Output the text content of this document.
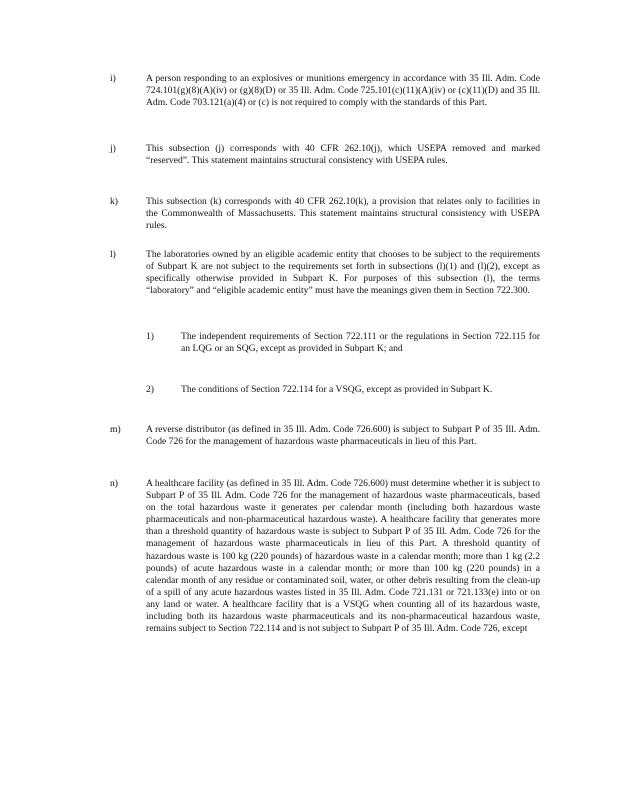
i)	A person responding to an explosives or munitions emergency in accordance with 35 Ill. Adm. Code 724.101(g)(8)(A)(iv) or (g)(8)(D) or 35 Ill. Adm. Code 725.101(c)(11)(A)(iv) or (c)(11)(D) and 35 Ill. Adm. Code 703.121(a)(4) or (c) is not required to comply with the standards of this Part.
j)	This subsection (j) corresponds with 40 CFR 262.10(j), which USEPA removed and marked “reserved”. This statement maintains structural consistency with USEPA rules.
k)	This subsection (k) corresponds with 40 CFR 262.10(k), a provision that relates only to facilities in the Commonwealth of Massachusetts. This statement maintains structural consistency with USEPA rules.
l)	The laboratories owned by an eligible academic entity that chooses to be subject to the requirements of Subpart K are not subject to the requirements set forth in subsections (l)(1) and (l)(2), except as specifically otherwise provided in Subpart K. For purposes of this subsection (l), the terms “laboratory” and “eligible academic entity” must have the meanings given them in Section 722.300.
1)	The independent requirements of Section 722.111 or the regulations in Section 722.115 for an LQG or an SQG, except as provided in Subpart K; and
2)	The conditions of Section 722.114 for a VSQG, except as provided in Subpart K.
m)	A reverse distributor (as defined in 35 Ill. Adm. Code 726.600) is subject to Subpart P of 35 Ill. Adm. Code 726 for the management of hazardous waste pharmaceuticals in lieu of this Part.
n)	A healthcare facility (as defined in 35 Ill. Adm. Code 726.600) must determine whether it is subject to Subpart P of 35 Ill. Adm. Code 726 for the management of hazardous waste pharmaceuticals, based on the total hazardous waste it generates per calendar month (including both hazardous waste pharmaceuticals and non-pharmaceutical hazardous waste). A healthcare facility that generates more than a threshold quantity of hazardous waste is subject to Subpart P of 35 Ill. Adm. Code 726 for the management of hazardous waste pharmaceuticals in lieu of this Part. A threshold quantity of hazardous waste is 100 kg (220 pounds) of hazardous waste in a calendar month; more than 1 kg (2.2 pounds) of acute hazardous waste in a calendar month; or more than 100 kg (220 pounds) in a calendar month of any residue or contaminated soil, water, or other debris resulting from the clean-up of a spill of any acute hazardous wastes listed in 35 Ill. Adm. Code 721.131 or 721.133(e) into or on any land or water. A healthcare facility that is a VSQG when counting all of its hazardous waste, including both its hazardous waste pharmaceuticals and its non-pharmaceutical hazardous waste, remains subject to Section 722.114 and is not subject to Subpart P of 35 Ill. Adm. Code 726, except
